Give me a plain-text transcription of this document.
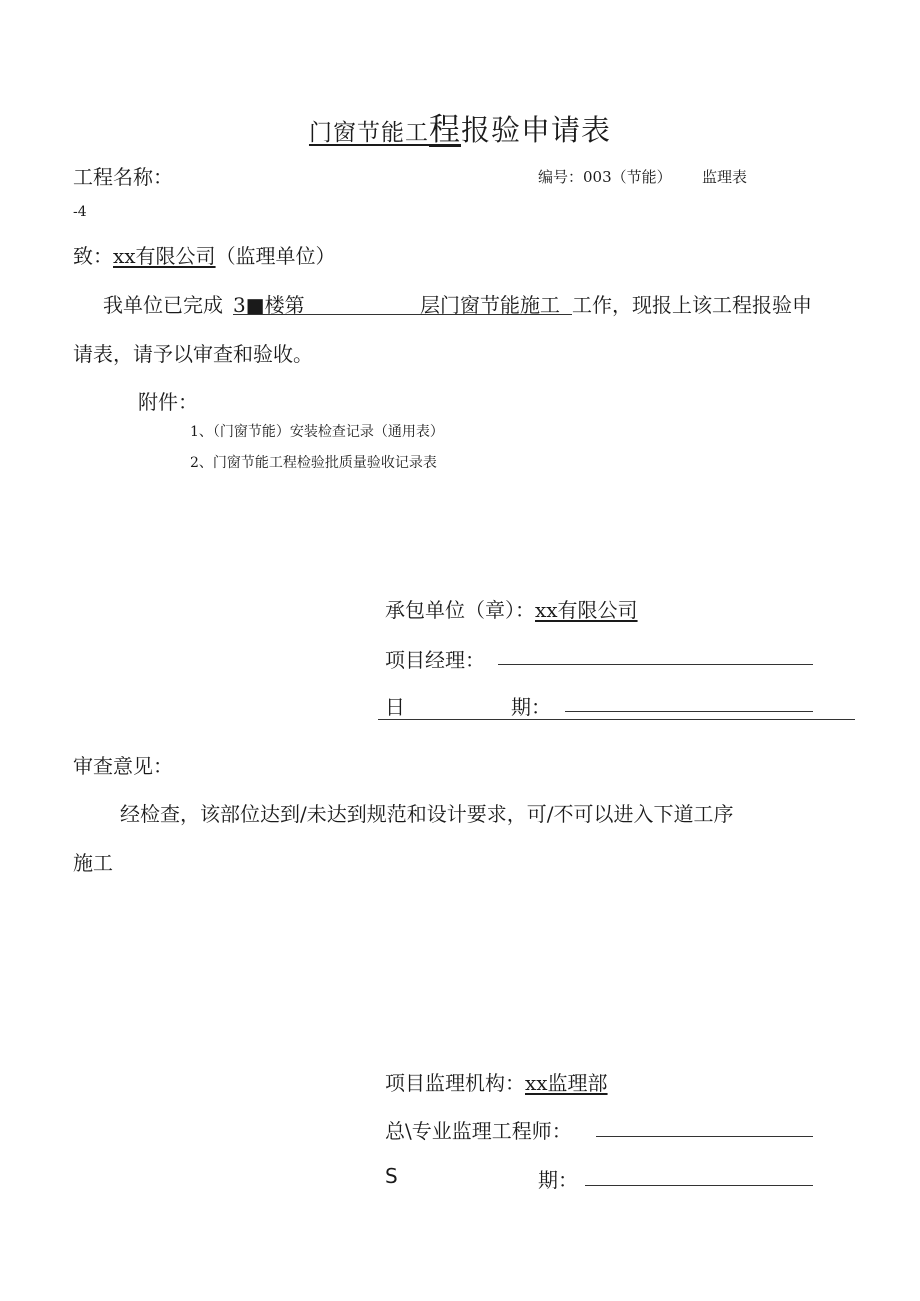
门窗节能工程报验申请表
工程名称：	编号：003（节能） 监理表
-4
致：xx有限公司（监理单位）
我单位已完成 3■楼第	层门窗节能施工 工作，现报上该工程报验申
请表，请予以审查和验收。
附件：
1、（门窗节能）安装检查记录（通用表）
2、门窗节能工程检验批质量验收记录表
承包单位（章）：xx有限公司
项目经理：
日	期：
审查意见：
经检查，该部位达到/未达到规范和设计要求，可/不可以进入下道工序
施工
项目监理机构：xx监理部
总\专业监理工程师：
S	期：
